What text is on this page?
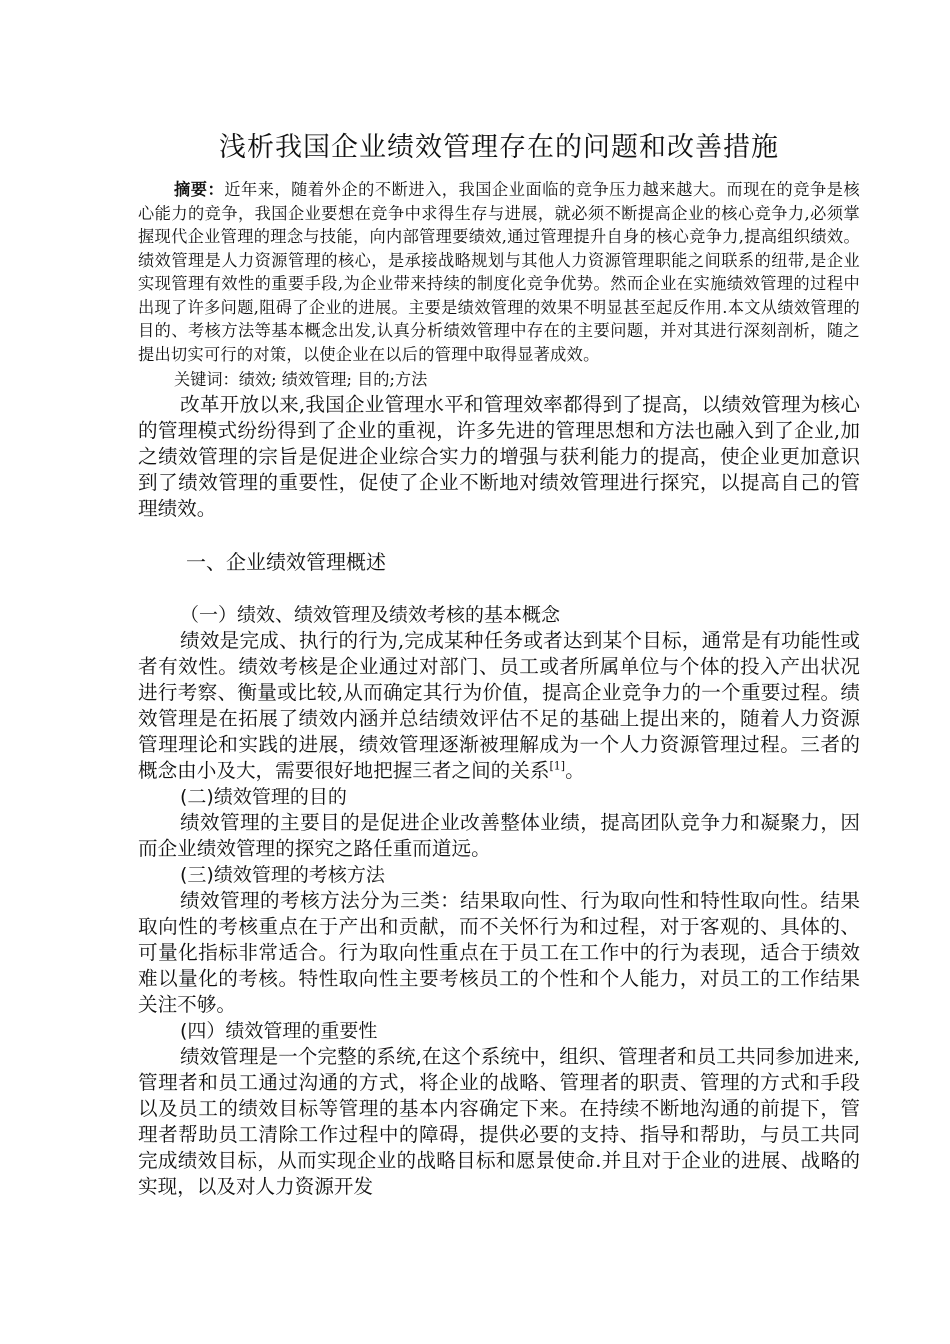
浅析我国企业绩效管理存在的问题和改善措施

摘要：近年来，随着外企的不断进入，我国企业面临的竞争压力越来越大。而现在的竞争是核心能力的竞争，我国企业要想在竞争中求得生存与进展，就必须不断提高企业的核心竞争力,必须掌握现代企业管理的理念与技能，向内部管理要绩效,通过管理提升自身的核心竞争力,提高组织绩效。绩效管理是人力资源管理的核心，是承接战略规划与其他人力资源管理职能之间联系的纽带,是企业实现管理有效性的重要手段,为企业带来持续的制度化竞争优势。然而企业在实施绩效管理的过程中出现了许多问题,阻碍了企业的进展。主要是绩效管理的效果不明显甚至起反作用.本文从绩效管理的目的、考核方法等基本概念出发,认真分析绩效管理中存在的主要问题，并对其进行深刻剖析，随之提出切实可行的对策，以使企业在以后的管理中取得显著成效。

关键词：绩效; 绩效管理; 目的;方法

改革开放以来,我国企业管理水平和管理效率都得到了提高，以绩效管理为核心的管理模式纷纷得到了企业的重视，许多先进的管理思想和方法也融入到了企业,加之绩效管理的宗旨是促进企业综合实力的增强与获利能力的提高，使企业更加意识到了绩效管理的重要性，促使了企业不断地对绩效管理进行探究，以提高自己的管理绩效。

一、企业绩效管理概述
（一）绩效、绩效管理及绩效考核的基本概念

绩效是完成、执行的行为,完成某种任务或者达到某个目标，通常是有功能性或者有效性。绩效考核是企业通过对部门、员工或者所属单位与个体的投入产出状况进行考察、衡量或比较,从而确定其行为价值，提高企业竞争力的一个重要过程。绩效管理是在拓展了绩效内涵并总结绩效评估不足的基础上提出来的，随着人力资源管理理论和实践的进展，绩效管理逐渐被理解成为一个人力资源管理过程。三者的概念由小及大，需要很好地把握三者之间的关系[1]。

(二)绩效管理的目的

绩效管理的主要目的是促进企业改善整体业绩，提高团队竞争力和凝聚力，因而企业绩效管理的探究之路任重而道远。

(三)绩效管理的考核方法

绩效管理的考核方法分为三类：结果取向性、行为取向性和特性取向性。结果取向性的考核重点在于产出和贡献，而不关怀行为和过程，对于客观的、具体的、可量化指标非常适合。行为取向性重点在于员工在工作中的行为表现，适合于绩效难以量化的考核。特性取向性主要考核员工的个性和个人能力，对员工的工作结果关注不够。

(四）绩效管理的重要性

绩效管理是一个完整的系统,在这个系统中，组织、管理者和员工共同参加进来,管理者和员工通过沟通的方式，将企业的战略、管理者的职责、管理的方式和手段以及员工的绩效目标等管理的基本内容确定下来。在持续不断地沟通的前提下，管理者帮助员工清除工作过程中的障碍，提供必要的支持、指导和帮助，与员工共同完成绩效目标，从而实现企业的战略目标和愿景使命.并且对于企业的进展、战略的实现，以及对人力资源开发
